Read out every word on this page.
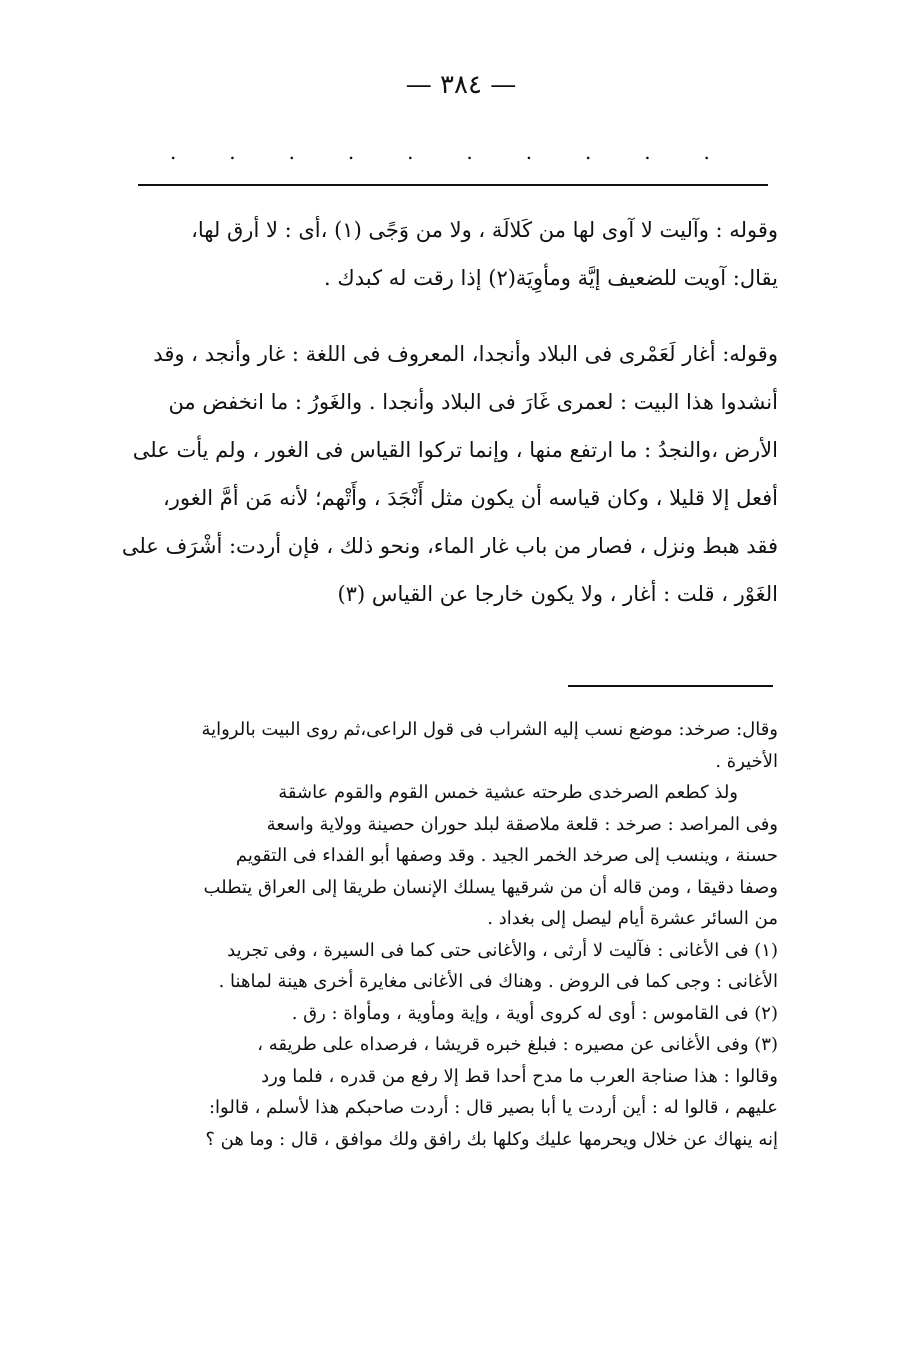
— ٣٨٤ —
.	.	.	.	.	.	.	.	.	.
وقوله : وآليت لا آوى لها من كَلالَة ، ولا من وَجًى (١) ،أى : لا أرق لها،
يقال: آويت للضعيف إيَّة ومأوِيَة(٢) إذا رقت له كبدك .
وقوله: أغار لَعَمْرى فى البلاد وأنجدا، المعروف فى اللغة : غار وأنجد ، وقد
أنشدوا هذا البيت : لعمرى غَارَ فى البلاد وأنجدا . والغَورُ : ما انخفض من
الأرض ،والنجدُ : ما ارتفع منها ، وإنما تركوا القياس فى الغور ، ولم يأت على
أفعل إلا قليلا ، وكان قياسه أن يكون مثل أَنْجَدَ ، وأَتْهم؛ لأنه مَن أمَّ الغور،
فقد هبط ونزل ، فصار من باب غار الماء، ونحو ذلك ، فإن أردت: أشْرَف على
الغَوْر ، قلت : أغار ، ولا يكون خارجا عن القياس (٣)
وقال: صرخد: موضع نسب إليه الشراب فى قول الراعى،ثم روى البيت بالرواية
الأخيرة .
ولذ كطعم الصرخدى طرحته عشية خمس القوم والقوم عاشقة
وفى المراصد : صرخد : قلعة ملاصقة لبلد حوران حصينة وولاية واسعة
حسنة ، وينسب إلى صرخد الخمر الجيد . وقد وصفها أبو الفداء فى التقويم
وصفا دقيقا ، ومن قاله أن من شرقيها يسلك الإنسان طريقا إلى العراق يتطلب
من السائر عشرة أيام ليصل إلى بغداد .
(١) فى الأغانى : فآليت لا أرثى ، والأغانى حتى كما فى السيرة ، وفى تجريد
الأغانى : وجى كما فى الروض . وهناك فى الأغانى مغايرة أخرى هينة لماهنا .
(٢) فى القاموس : أوى له كروى أوية ، وإية ومأوية ، ومأواة : رق .
(٣) وفى الأغانى عن مصيره : فبلغ خبره قريشا ، فرصداه على طريقه ،
وقالوا : هذا صناجة العرب ما مدح أحدا قط إلا رفع من قدره ، فلما ورد
عليهم ، قالوا له : أين أردت يا أبا بصير قال : أردت صاحبكم هذا لأسلم ، قالوا:
إنه ينهاك عن خلال ويحرمها عليك وكلها بك رافق ولك موافق ، قال : وما هن ؟
